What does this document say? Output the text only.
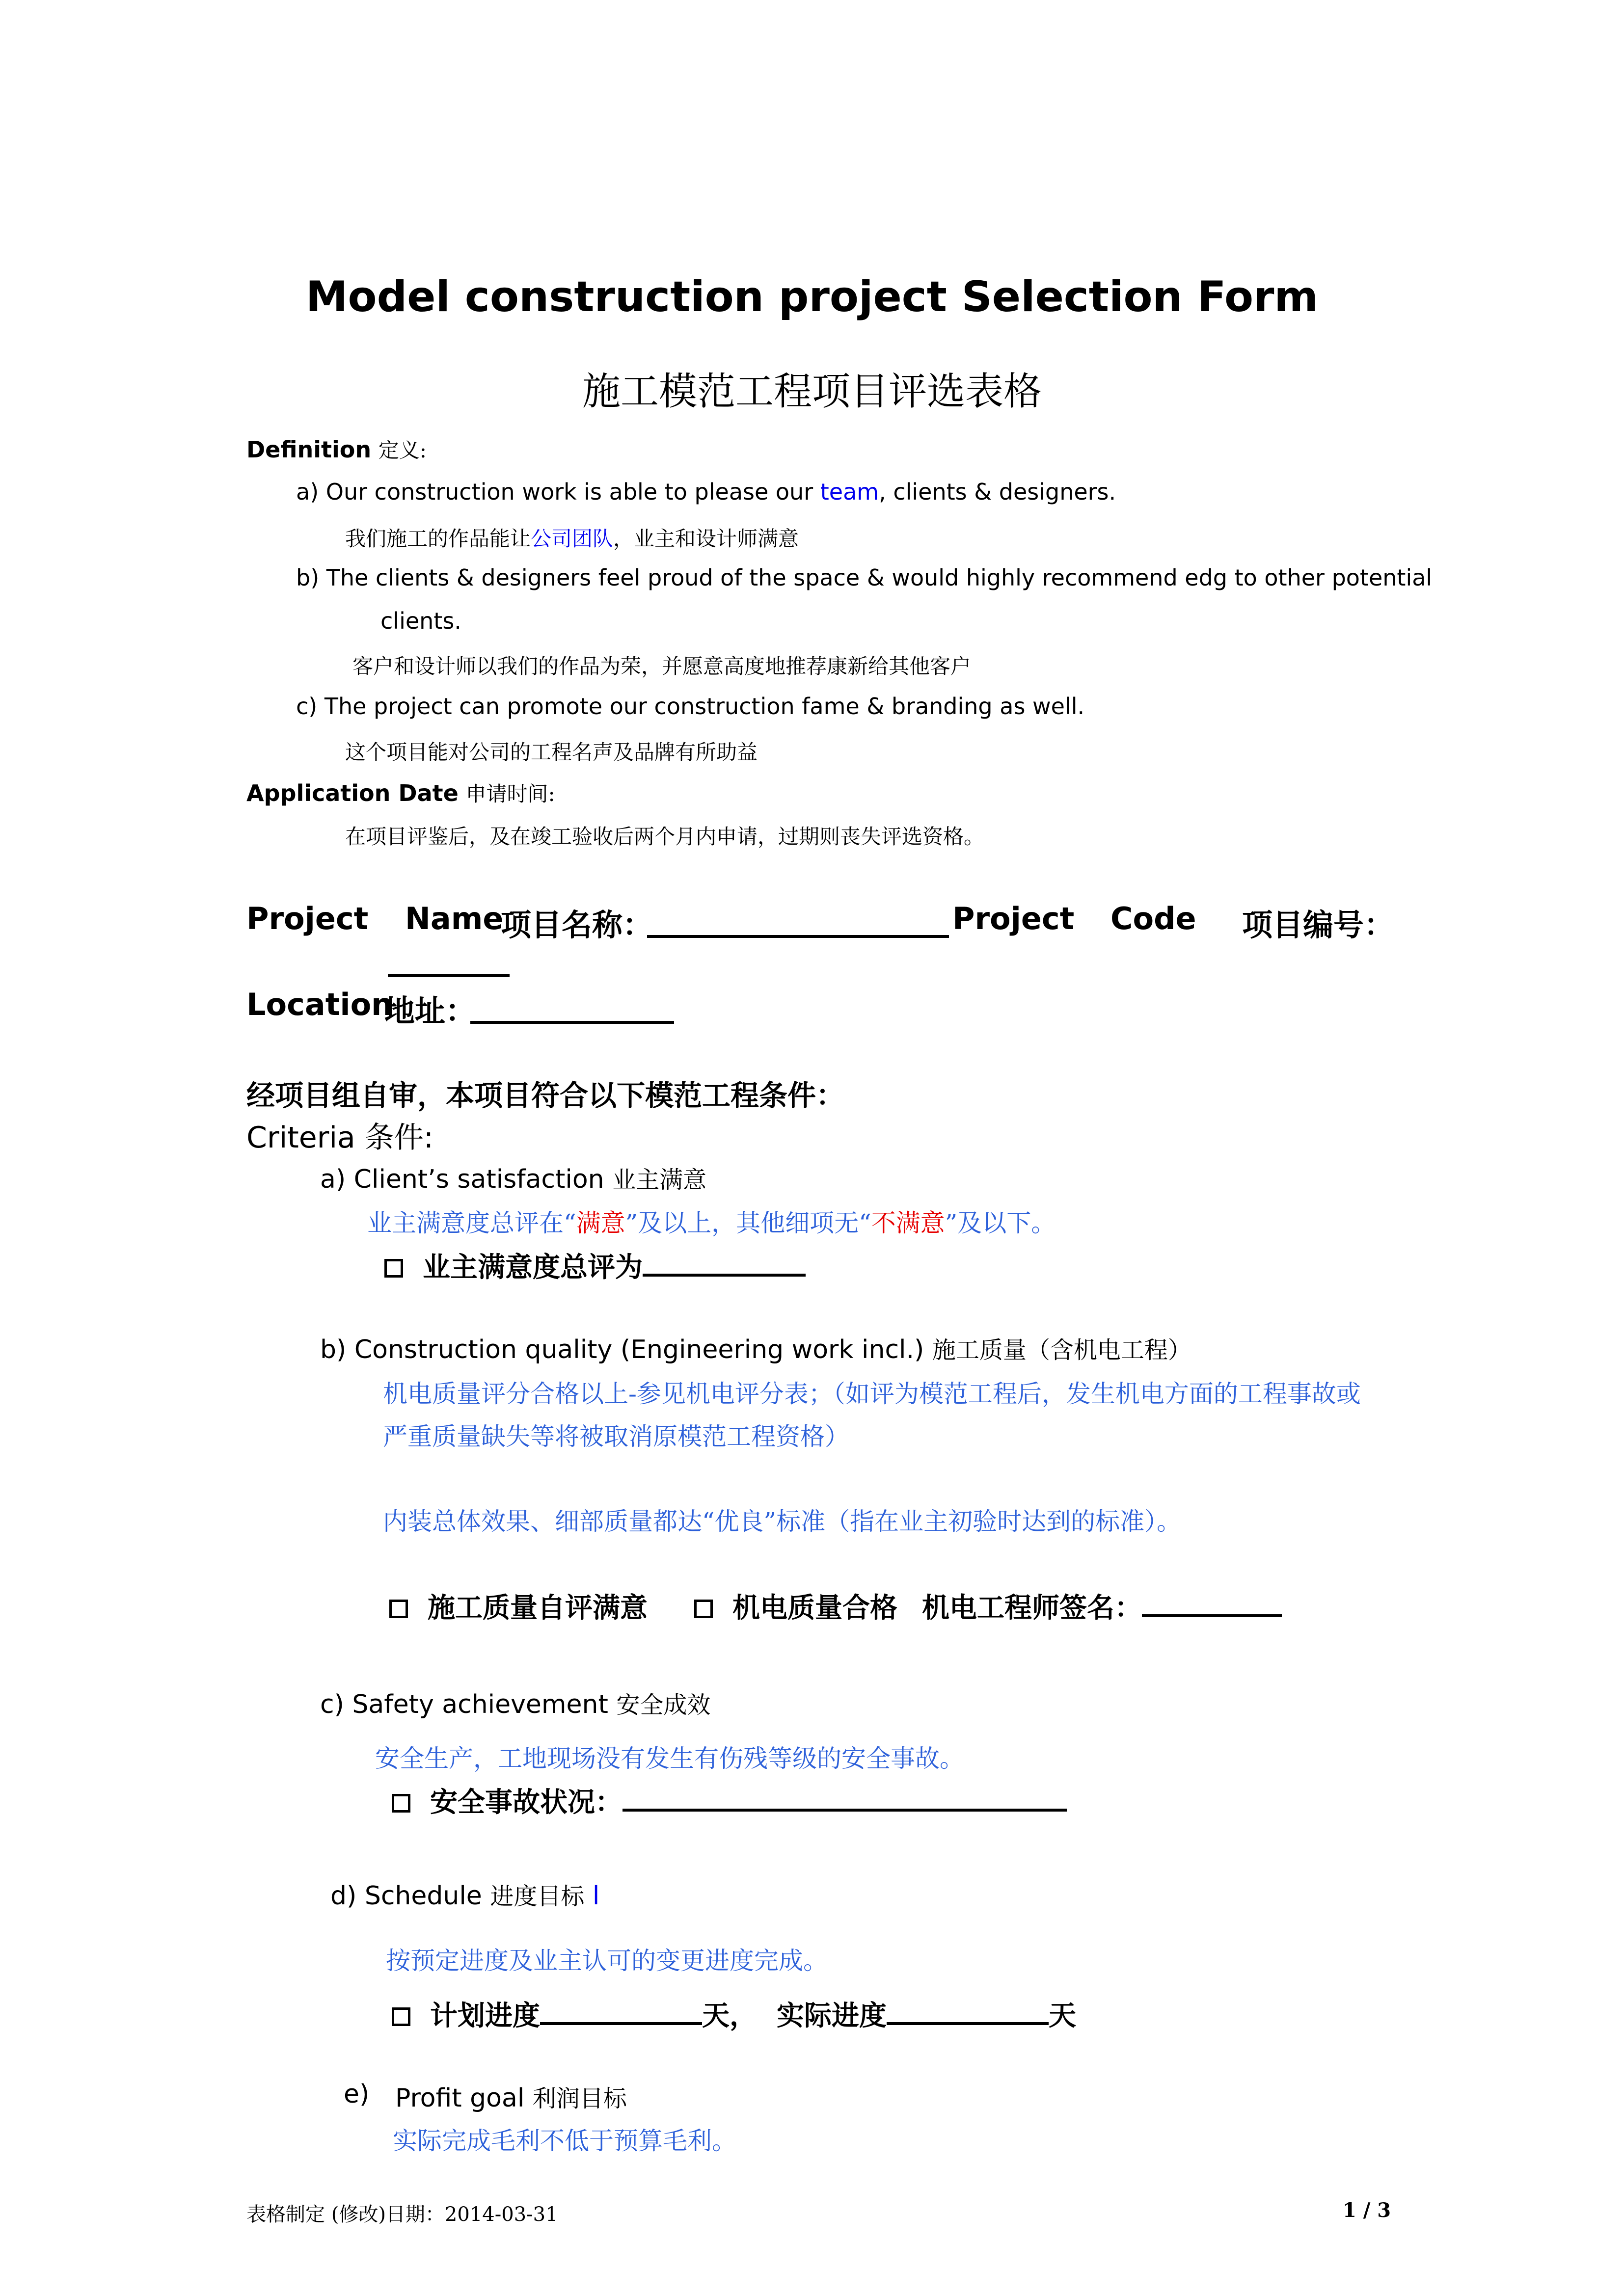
Model construction project Selection Form
施工模范工程项目评选表格
Definition 定义:
a) Our construction work is able to please our team, clients & designers.
我们施工的作品能让公司团队，业主和设计师满意
b) The clients & designers feel proud of the space & would highly recommend edg to other potential
clients.
客户和设计师以我们的作品为荣，并愿意高度地推荐康新给其他客户
c) The project can promote our construction fame & branding as well.
这个项目能对公司的工程名声及品牌有所助益
Application Date 申请时间:
在项目评鉴后，及在竣工验收后两个月内申请，过期则丧失评选资格。
Project Name
项目名称：	Project Code 项目编号：
Location
地址：
经项目组自审，本项目符合以下模范工程条件：
Criteria 条件:
a) Client’s satisfaction 业主满意
业主满意度总评在“满意”及以上，其他细项无“不满意”及以下。
业主满意度总评为
b) Construction quality (Engineering work incl.) 施工质量（含机电工程）
机电质量评分合格以上-参见机电评分表；（如评为模范工程后，发生机电方面的工程事故或
严重质量缺失等将被取消原模范工程资格）
内装总体效果、细部质量都达“优良”标准（指在业主初验时达到的标准）。
施工质量自评满意	机电质量合格 机电工程师签名：
c) Safety achievement 安全成效
安全生产，工地现场没有发生有伤残等级的安全事故。
安全事故状况：
d) Schedule 进度目标 l
按预定进度及业主认可的变更进度完成。
计划进度	天， 实际进度	天
e) Profit goal 利润目标
实际完成毛利不低于预算毛利。
表格制定 (修改)日期：2014-03-31	1 / 3
